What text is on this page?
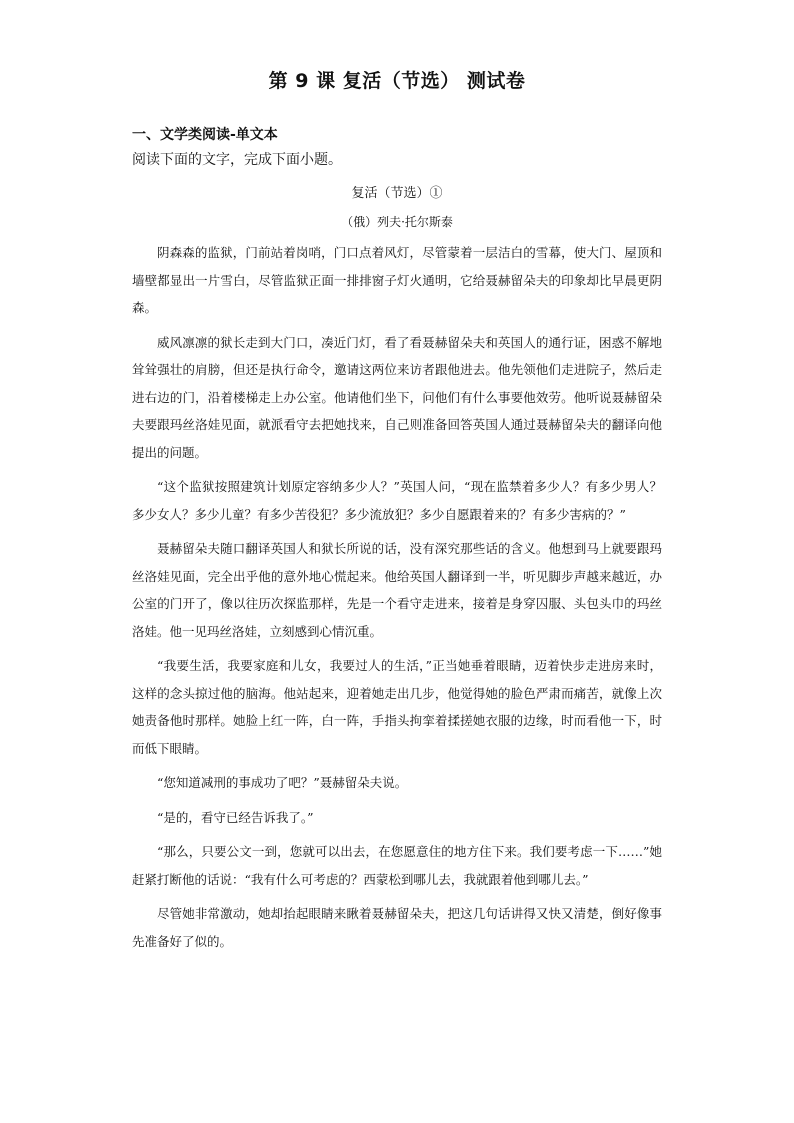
第 9 课 复活（节选） 测试卷
一、文学类阅读-单文本
阅读下面的文字，完成下面小题。
复活（节选）①
（俄）列夫·托尔斯泰

阴森森的监狱，门前站着岗哨，门口点着风灯，尽管蒙着一层洁白的雪幕，使大门、屋顶和墙壁都显出一片雪白，尽管监狱正面一排排窗子灯火通明，它给聂赫留朵夫的印象却比早晨更阴森。

威风凛凛的狱长走到大门口，凑近门灯，看了看聂赫留朵夫和英国人的通行证，困惑不解地耸耸强壮的肩膀，但还是执行命令，邀请这两位来访者跟他进去。他先领他们走进院子，然后走进右边的门，沿着楼梯走上办公室。他请他们坐下，问他们有什么事要他效劳。他听说聂赫留朵夫要跟玛丝洛娃见面，就派看守去把她找来，自己则准备回答英国人通过聂赫留朵夫的翻译向他提出的问题。

“这个监狱按照建筑计划原定容纳多少人？”英国人问，“现在监禁着多少人？有多少男人？多少女人？多少儿童？有多少苦役犯？多少流放犯？多少自愿跟着来的？有多少害病的？”

聂赫留朵夫随口翻译英国人和狱长所说的话，没有深究那些话的含义。他想到马上就要跟玛丝洛娃见面，完全出乎他的意外地心慌起来。他给英国人翻译到一半，听见脚步声越来越近，办公室的门开了，像以往历次探监那样，先是一个看守走进来，接着是身穿囚服、头包头巾的玛丝洛娃。他一见玛丝洛娃，立刻感到心情沉重。

“我要生活，我要家庭和儿女，我要过人的生活，”正当她垂着眼睛，迈着快步走进房来时，这样的念头掠过他的脑海。他站起来，迎着她走出几步，他觉得她的脸色严肃而痛苦，就像上次她责备他时那样。她脸上红一阵，白一阵，手指头拘挛着揉搓她衣服的边缘，时而看他一下，时而低下眼睛。

“您知道减刑的事成功了吧？”聂赫留朵夫说。

“是的，看守已经告诉我了。”

“那么，只要公文一到，您就可以出去，在您愿意住的地方住下来。我们要考虑一下……”她赶紧打断他的话说：“我有什么可考虑的？西蒙松到哪儿去，我就跟着他到哪儿去。”

尽管她非常激动，她却抬起眼睛来瞅着聂赫留朵夫，把这几句话讲得又快又清楚，倒好像事先准备好了似的。
